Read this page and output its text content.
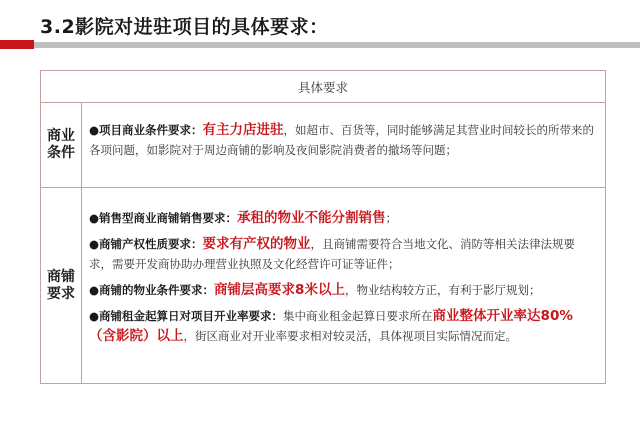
3.2影院对进驻项目的具体要求：
具体要求
商业
条件
●项目商业条件要求：有主力店进驻，如超市、百货等，同时能够满足其营业时间较长的所带来的各项问题，如影院对于周边商铺的影响及夜间影院消费者的撤场等问题；
商铺
要求
●销售型商业商铺销售要求：承租的物业不能分割销售；
●商铺产权性质要求：要求有产权的物业，且商铺需要符合当地文化、消防等相关法律法规要求，需要开发商协助办理营业执照及文化经营许可证等证件；
●商铺的物业条件要求：商铺层高要求8米以上，物业结构较方正，有利于影厅规划；
●商铺租金起算日对项目开业率要求：集中商业租金起算日要求所在商业整体开业率达80%（含影院）以上，街区商业对开业率要求相对较灵活，具体视项目实际情况而定。
